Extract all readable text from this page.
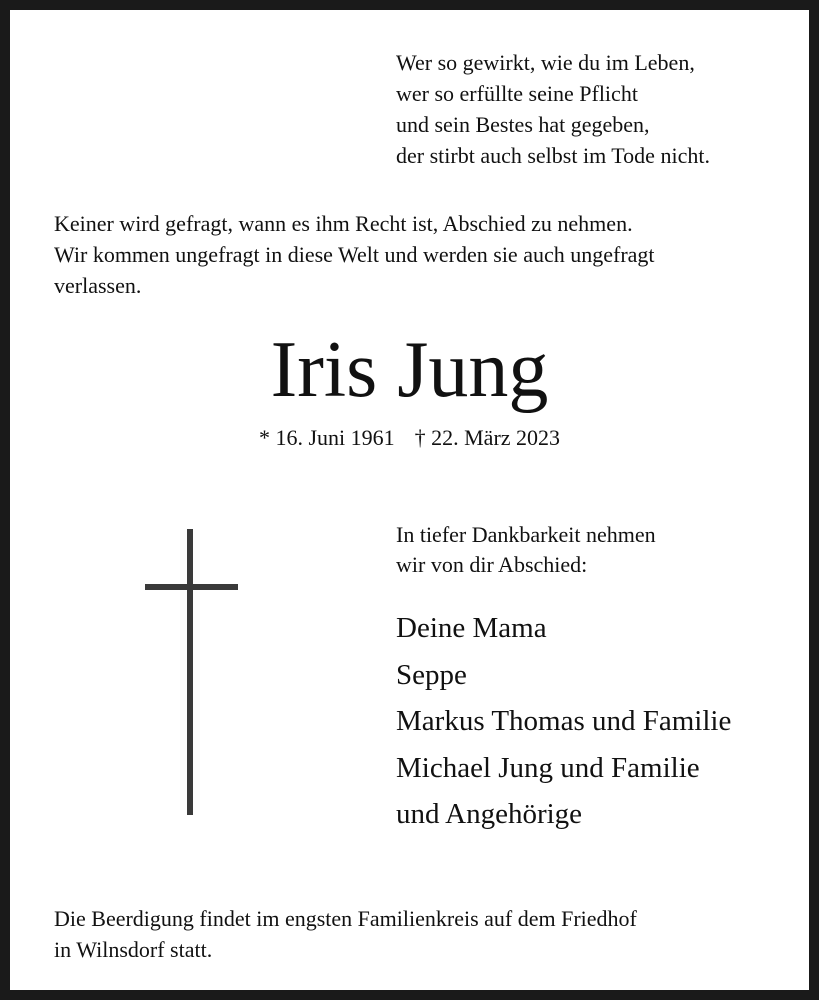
Wer so gewirkt, wie du im Leben,
wer so erfüllte seine Pflicht
und sein Bestes hat gegeben,
der stirbt auch selbst im Tode nicht.
Keiner wird gefragt, wann es ihm Recht ist, Abschied zu nehmen.
Wir kommen ungefragt in diese Welt und werden sie auch ungefragt
verlassen.
Iris Jung
* 16. Juni 1961 † 22. März 2023
In tiefer Dankbarkeit nehmen
wir von dir Abschied:
Deine Mama
Seppe
Markus Thomas und Familie
Michael Jung und Familie
und Angehörige
Die Beerdigung findet im engsten Familienkreis auf dem Friedhof
in Wilnsdorf statt.
